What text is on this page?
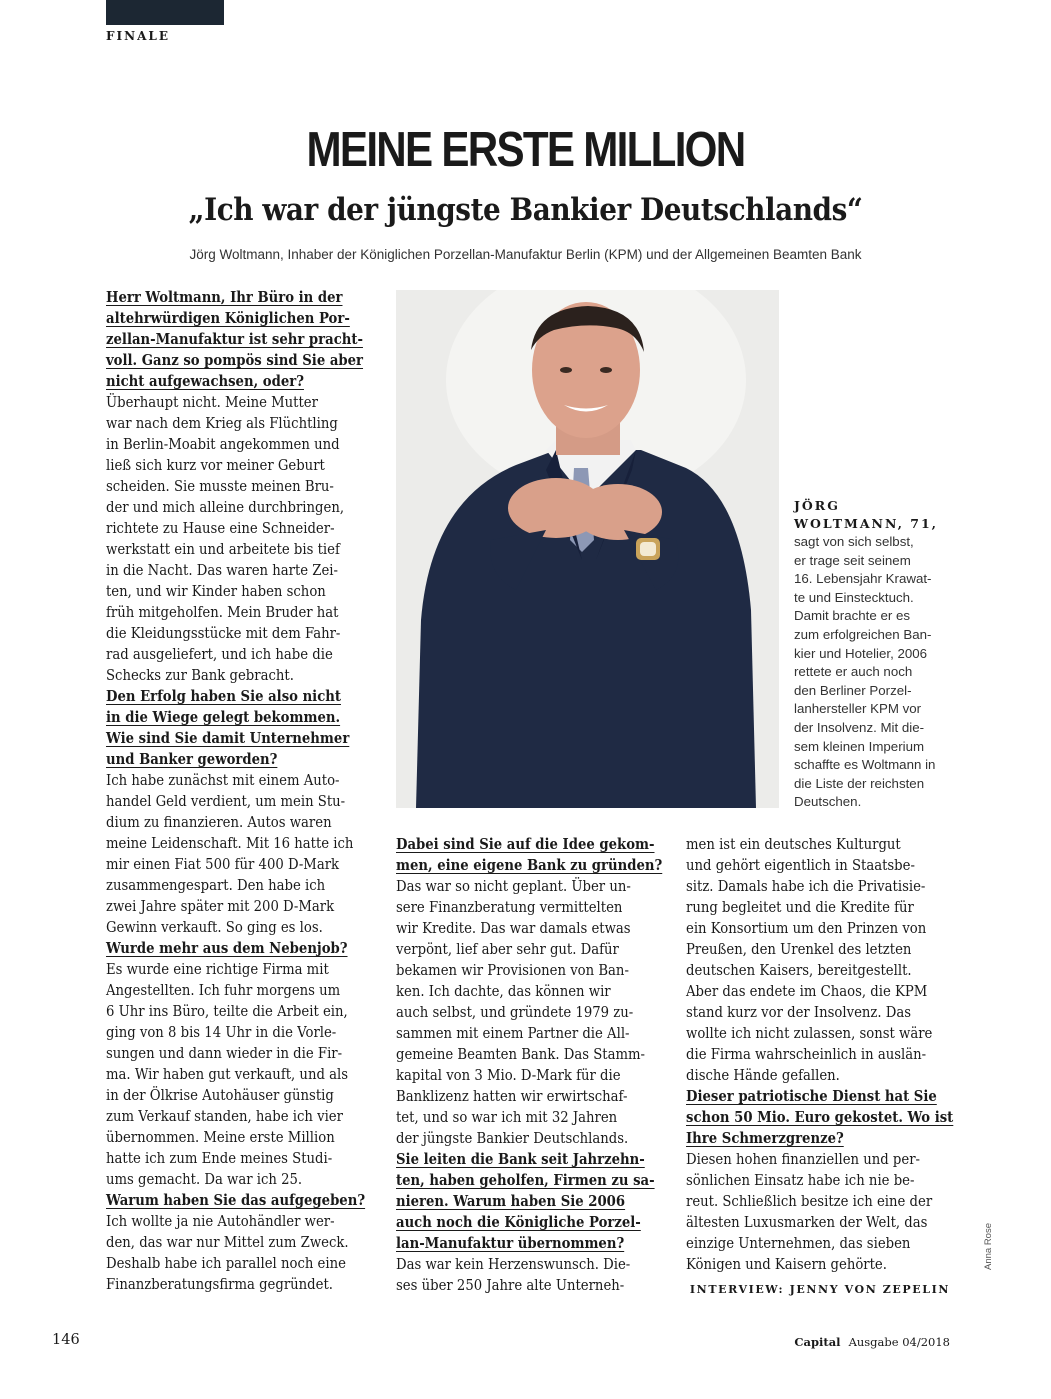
FINALE
MEINE ERSTE MILLION
„Ich war der jüngste Bankier Deutschlands“
Jörg Woltmann, Inhaber der Königlichen Porzellan-Manufaktur Berlin (KPM) und der Allgemeinen Beamten Bank

Herr Woltmann, Ihr Büro in der

altehrwürdigen Königlichen Por-

zellan-Manufaktur ist sehr pracht-

voll. Ganz so pompös sind Sie aber

nicht aufgewachsen, oder?

Überhaupt nicht. Meine Mutter

war nach dem Krieg als Flüchtling

in Berlin-Moabit angekommen und

ließ sich kurz vor meiner Geburt

scheiden. Sie musste meinen Bru-

der und mich alleine durchbringen,

richtete zu Hause eine Schneider-

werkstatt ein und arbeitete bis tief

in die Nacht. Das waren harte Zei-

ten, und wir Kinder haben schon

früh mitgeholfen. Mein Bruder hat

die Kleidungsstücke mit dem Fahr-

rad ausgeliefert, und ich habe die

Schecks zur Bank gebracht.

Den Erfolg haben Sie also nicht

in die Wiege gelegt bekommen.

Wie sind Sie damit Unternehmer

und Banker geworden?

Ich habe zunächst mit einem Auto-

handel Geld verdient, um mein Stu-

dium zu finanzieren. Autos waren

meine Leidenschaft. Mit 16 hatte ich

mir einen Fiat 500 für 400 D-Mark

zusammengespart. Den habe ich

zwei Jahre später mit 200 D-Mark

Gewinn verkauft. So ging es los.

Wurde mehr aus dem Nebenjob?

Es wurde eine richtige Firma mit

Angestellten. Ich fuhr morgens um

6 Uhr ins Büro, teilte die Arbeit ein,

ging von 8 bis 14 Uhr in die Vorle-

sungen und dann wieder in die Fir-

ma. Wir haben gut verkauft, und als

in der Ölkrise Autohäuser günstig

zum Verkauf standen, habe ich vier

übernommen. Meine erste Million

hatte ich zum Ende meines Studi-

ums gemacht. Da war ich 25.

Warum haben Sie das aufgegeben?

Ich wollte ja nie Autohändler wer-

den, das war nur Mittel zum Zweck.

Deshalb habe ich parallel noch eine

Finanzberatungsfirma gegründet.

JÖRG
WOLTMANN, 71,
sagt von sich selbst,
er trage seit seinem
16. Lebensjahr Krawat-
te und Einstecktuch.
Damit brachte er es
zum erfolgreichen Ban-
kier und Hotelier, 2006
rettete er auch noch
den Berliner Porzel-
lanhersteller KPM vor
der Insolvenz. Mit die-
sem kleinen Imperium
schaffte es Woltmann in
die Liste der reichsten
Deutschen.

Dabei sind Sie auf die Idee gekom-

men, eine eigene Bank zu gründen?

Das war so nicht geplant. Über un-

sere Finanzberatung vermittelten

wir Kredite. Das war damals etwas

verpönt, lief aber sehr gut. Dafür

bekamen wir Provisionen von Ban-

ken. Ich dachte, das können wir

auch selbst, und gründete 1979 zu-

sammen mit einem Partner die All-

gemeine Beamten Bank. Das Stamm-

kapital von 3 Mio. D-Mark für die

Banklizenz hatten wir erwirtschaf-

tet, und so war ich mit 32 Jahren

der jüngste Bankier Deutschlands.

Sie leiten die Bank seit Jahrzehn-

ten, haben geholfen, Firmen zu sa-

nieren. Warum haben Sie 2006

auch noch die Königliche Porzel-

lan-Manufaktur übernommen?

Das war kein Herzenswunsch. Die-

ses über 250 Jahre alte Unterneh-

men ist ein deutsches Kulturgut

und gehört eigentlich in Staatsbe-

sitz. Damals habe ich die Privatisie-

rung begleitet und die Kredite für

ein Konsortium um den Prinzen von

Preußen, den Urenkel des letzten

deutschen Kaisers, bereitgestellt.

Aber das endete im Chaos, die KPM

stand kurz vor der Insolvenz. Das

wollte ich nicht zulassen, sonst wäre

die Firma wahrscheinlich in auslän-

dische Hände gefallen.

Dieser patriotische Dienst hat Sie

schon 50 Mio. Euro gekostet. Wo ist

Ihre Schmerzgrenze?

Diesen hohen finanziellen und per-

sönlichen Einsatz habe ich nie be-

reut. Schließlich besitze ich eine der

ältesten Luxusmarken der Welt, das

einzige Unternehmen, das sieben

Königen und Kaisern gehörte.

INTERVIEW: JENNY VON ZEPELIN
Anna Rose
146	Capital Ausgabe 04/2018
